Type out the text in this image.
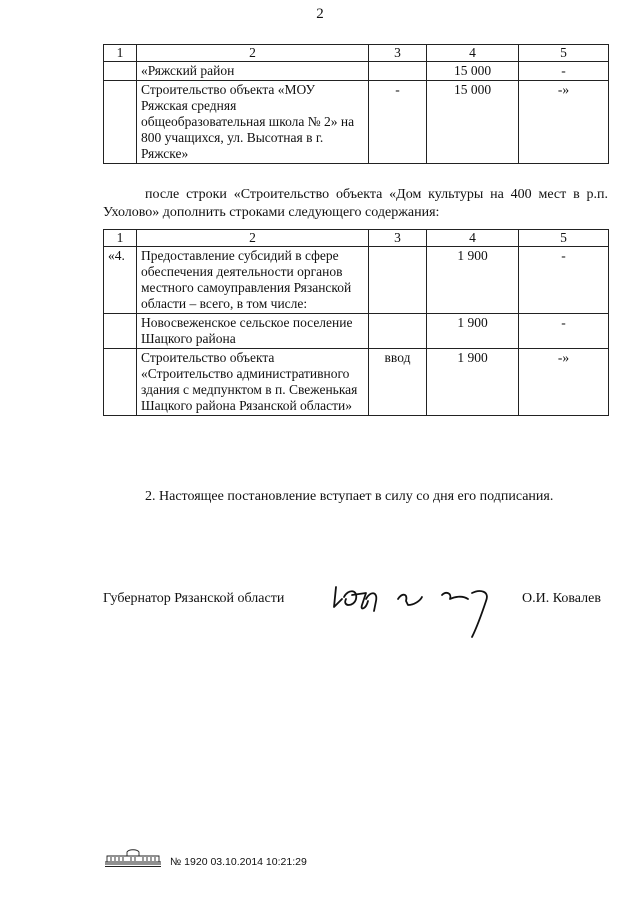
2
1	2	3	4	5
	«Ряжский район		15 000	-
	Строительство объекта «МОУ Ряжская средняя общеобразовательная школа № 2» на 800 учащихся, ул. Высотная в г. Ряжске»	-	15 000	-»
после строки «Строительство объекта «Дом культуры на 400 мест в р.п. Ухолово» дополнить строками следующего содержания:
1	2	3	4	5
«4.	Предоставление субсидий в сфере обеспечения деятельности органов местного самоуправления Рязанской области – всего, в том числе:		1 900	-
	Новосвеженское сельское поселение Шацкого района		1 900	-
	Строительство объекта «Строительство административного здания с медпунктом в п. Свеженькая Шацкого района Рязанской области»	ввод	1 900	-»
2. Настоящее постановление вступает в силу со дня его подписания.
Губернатор Рязанской области	О.И. Ковалев
№ 1920 03.10.2014 10:21:29
